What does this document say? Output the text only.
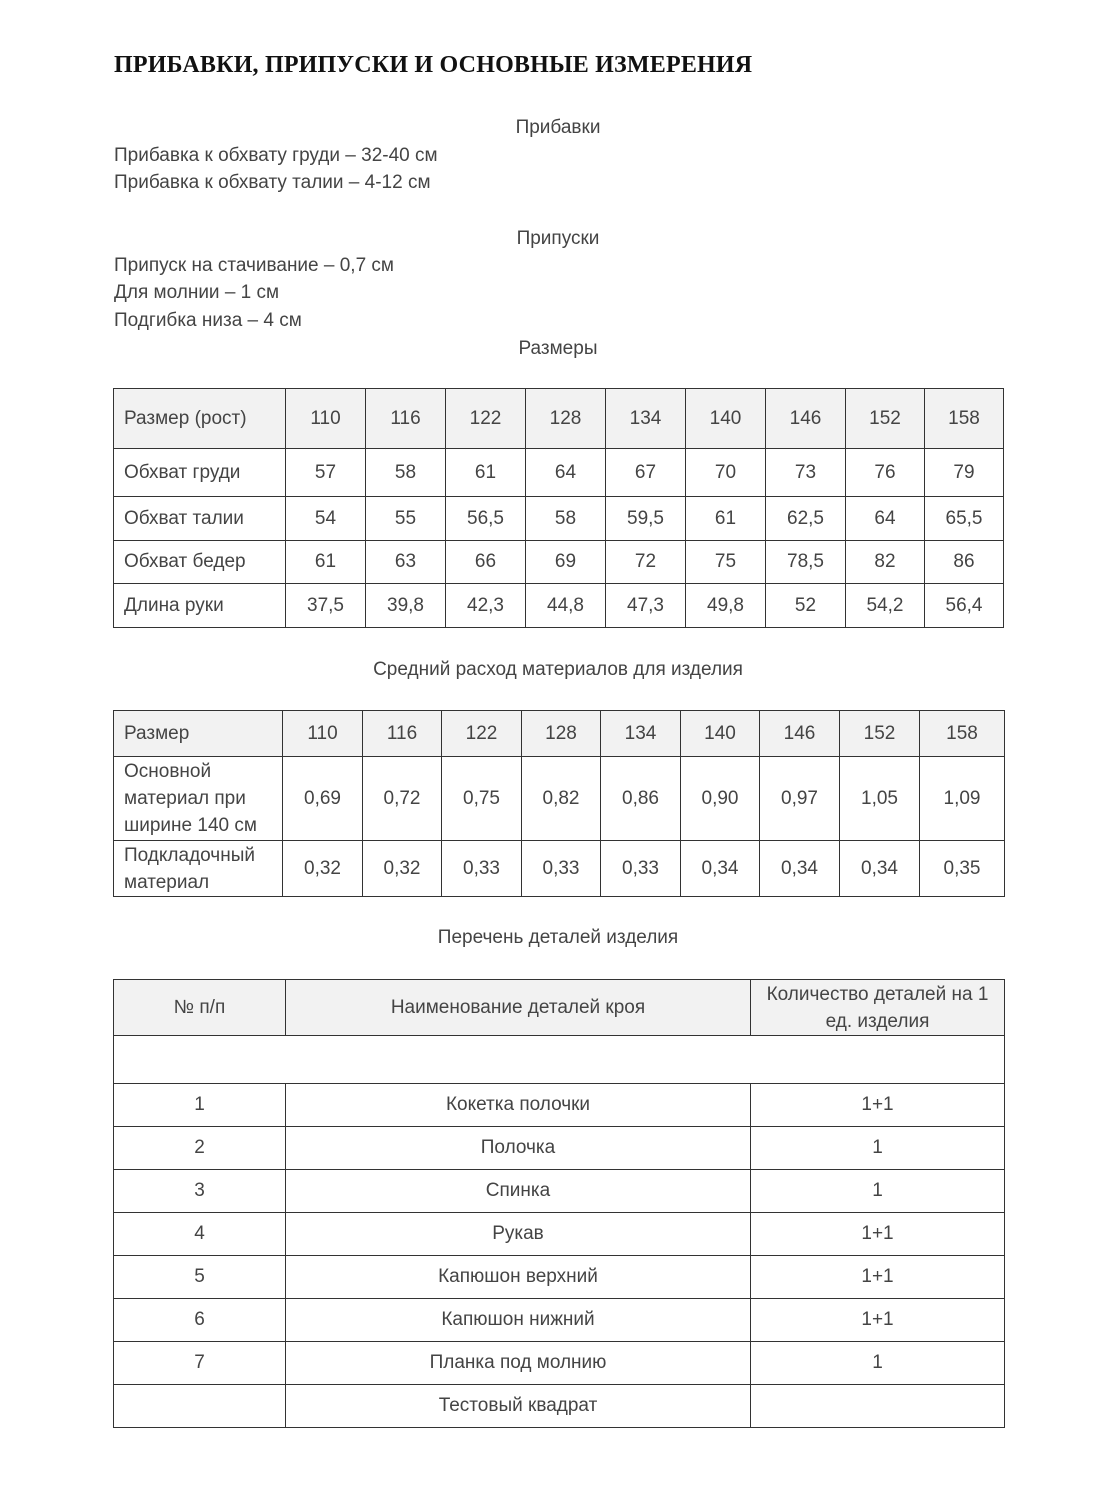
ПРИБАВКИ, ПРИПУСКИ И ОСНОВНЫЕ ИЗМЕРЕНИЯ
Прибавки
Прибавка к обхвату груди – 32-40 см
Прибавка к обхвату талии – 4-12 см
Припуски
Припуск на стачивание – 0,7 см
Для молнии – 1 см
Подгибка низа – 4 см
Размеры
Размер (рост)	110	116	122	128	134	140	146	152	158
Обхват груди	57	58	61	64	67	70	73	76	79
Обхват талии	54	55	56,5	58	59,5	61	62,5	64	65,5
Обхват бедер	61	63	66	69	72	75	78,5	82	86
Длина руки	37,5	39,8	42,3	44,8	47,3	49,8	52	54,2	56,4
Средний расход материалов для изделия
Размер	110	116	122	128	134	140	146	152	158
Основной материал при ширине 140 см	0,69	0,72	0,75	0,82	0,86	0,90	0,97	1,05	1,09
Подкладочный материал	0,32	0,32	0,33	0,33	0,33	0,34	0,34	0,34	0,35
Перечень деталей изделия
№ п/п	Наименование деталей кроя	Количество деталей на 1 ед. изделия

1	Кокетка полочки	1+1
2	Полочка	1
3	Спинка	1
4	Рукав	1+1
5	Капюшон верхний	1+1
6	Капюшон нижний	1+1
7	Планка под молнию	1
	Тестовый квадрат	
